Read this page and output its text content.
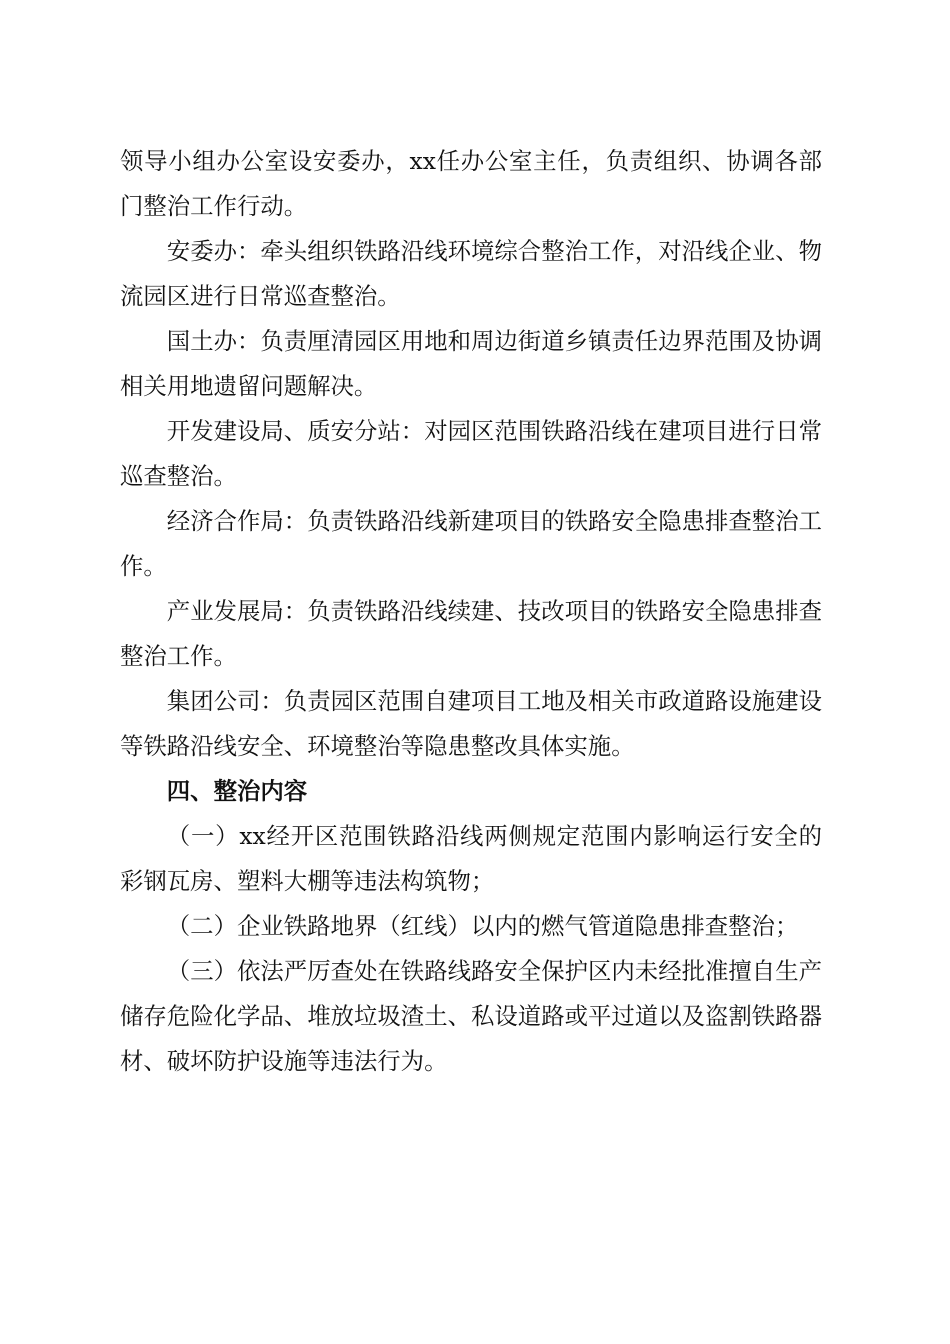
领导小组办公室设安委办，xx任办公室主任，负责组织、协调各部门整治工作行动。

安委办：牵头组织铁路沿线环境综合整治工作，对沿线企业、物流园区进行日常巡查整治。

国土办：负责厘清园区用地和周边街道乡镇责任边界范围及协调相关用地遗留问题解决。

开发建设局、质安分站：对园区范围铁路沿线在建项目进行日常巡查整治。

经济合作局：负责铁路沿线新建项目的铁路安全隐患排查整治工作。

产业发展局：负责铁路沿线续建、技改项目的铁路安全隐患排查整治工作。

集团公司：负责园区范围自建项目工地及相关市政道路设施建设等铁路沿线安全、环境整治等隐患整改具体实施。

四、整治内容

（一）xx经开区范围铁路沿线两侧规定范围内影响运行安全的彩钢瓦房、塑料大棚等违法构筑物；

（二）企业铁路地界（红线）以内的燃气管道隐患排查整治；

（三）依法严厉查处在铁路线路安全保护区内未经批准擅自生产储存危险化学品、堆放垃圾渣土、私设道路或平过道以及盗割铁路器材、破坏防护设施等违法行为。
